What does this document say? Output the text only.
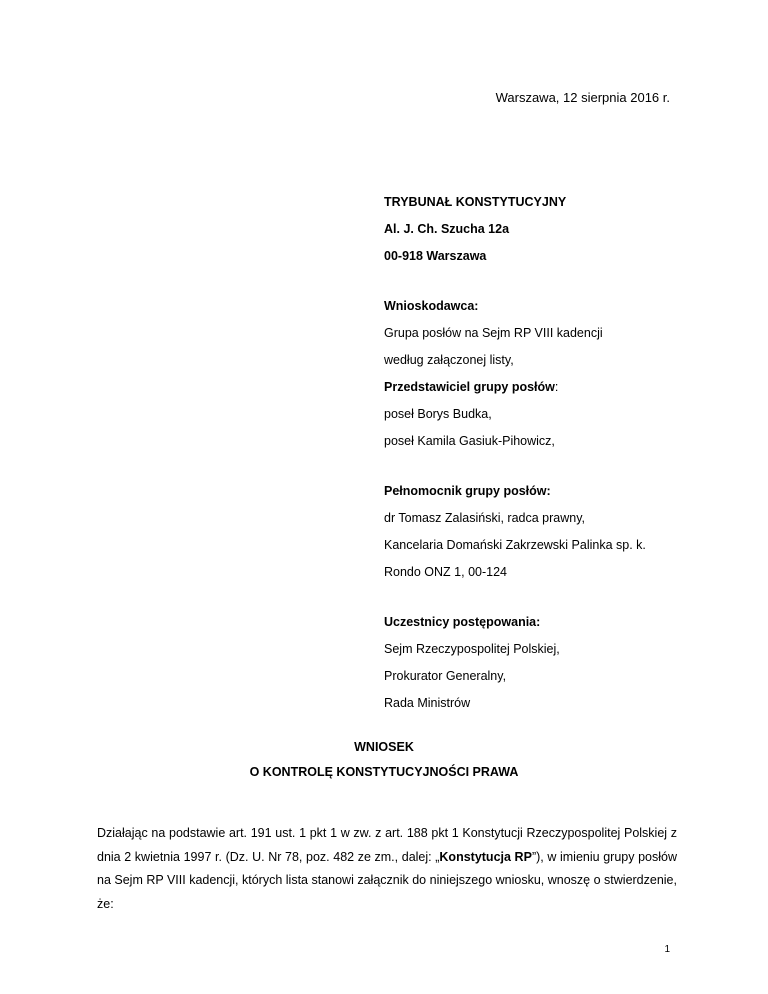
Warszawa, 12 sierpnia 2016 r.
TRYBUNAŁ KONSTYTUCYJNY
Al. J. Ch. Szucha 12a
00-918 Warszawa
Wnioskodawca:
Grupa posłów na Sejm RP VIII kadencji
według załączonej listy,
Przedstawiciel grupy posłów:
poseł Borys Budka,
poseł Kamila Gasiuk-Pihowicz,
Pełnomocnik grupy posłów:
dr Tomasz Zalasiński, radca prawny,
Kancelaria Domański Zakrzewski Palinka sp. k.
Rondo ONZ 1, 00-124
Uczestnicy postępowania:
Sejm Rzeczypospolitej Polskiej,
Prokurator Generalny,
Rada Ministrów
WNIOSEK
O KONTROLĘ KONSTYTUCYJNOŚCI PRAWA
Działając na podstawie art. 191 ust. 1 pkt 1 w zw. z art. 188 pkt 1 Konstytucji Rzeczypospolitej Polskiej z dnia 2 kwietnia 1997 r. (Dz. U. Nr 78, poz. 482 ze zm., dalej: „Konstytucja RP”), w imieniu grupy posłów na Sejm RP VIII kadencji, których lista stanowi załącznik do niniejszego wniosku, wnoszę o stwierdzenie, że:
1
